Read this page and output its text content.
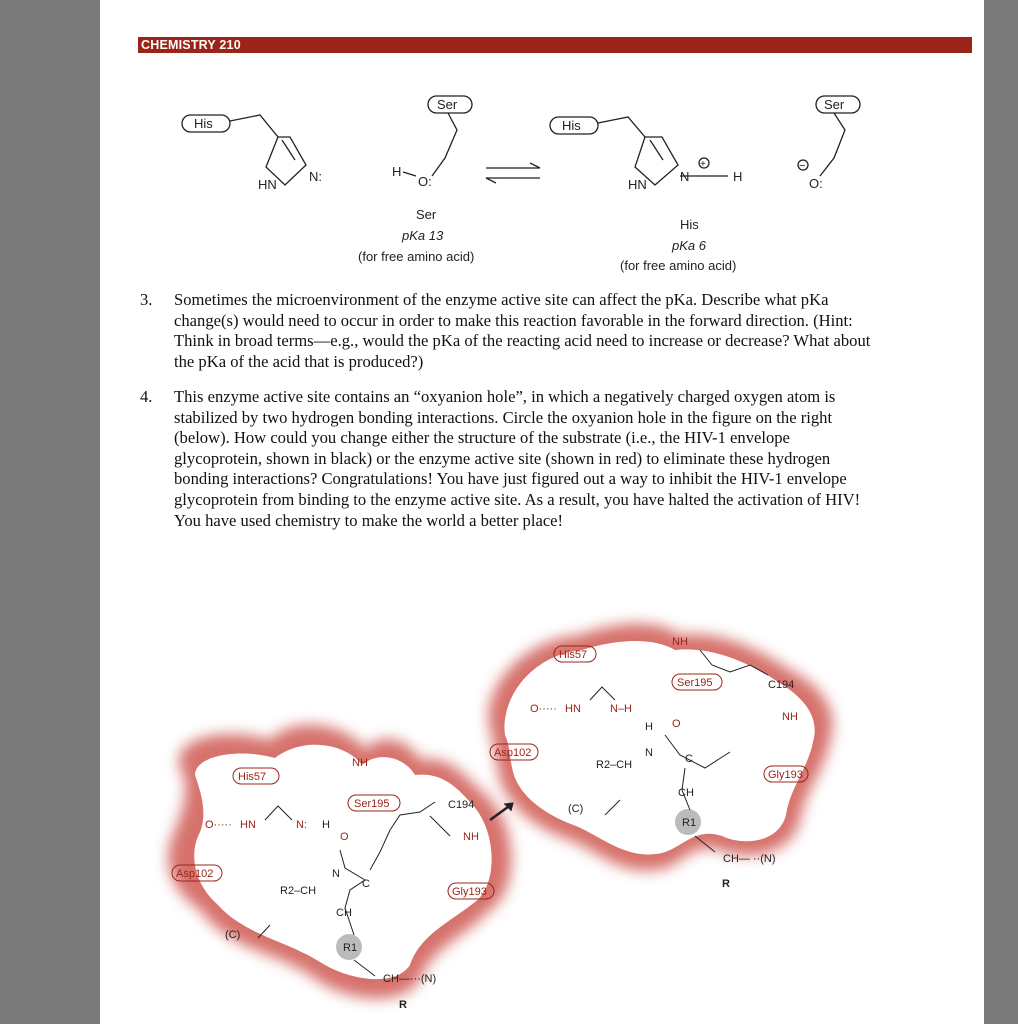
CHEMISTRY 210
His
Ser
HN
N:	H
O:
Ser
pKa 13
(for free amino acid)
His
Ser
HN
N	H
+	−
O:
His
pKa 6
(for free amino acid)
3. Sometimes the microenvironment of the enzyme active site can affect the pKa. Describe what pKa change(s) would need to occur in order to make this reaction favorable in the forward direction. (Hint: Think in broad terms—e.g., would the pKa of the reacting acid need to increase or decrease? What about the pKa of the acid that is produced?)
4. This enzyme active site contains an “oxyanion hole”, in which a negatively charged oxygen atom is stabilized by two hydrogen bonding interactions. Circle the oxyanion hole in the figure on the right (below). How could you change either the structure of the substrate (i.e., the HIV-1 envelope glycoprotein, shown in black) or the enzyme active site (shown in red) to eliminate these hydrogen bonding interactions? Congratulations! You have just figured out a way to inhibit the HIV-1 envelope glycoprotein from binding to the enzyme active site. As a result, you have halted the activation of HIV! You have used chemistry to make the world a better place!
His57
Ser195
Asp102
Gly193
NH
C194
NH
HN	N:
O·····	H
O
N
C
R2–CH
CH
R1
(C)
CH—···(N)
R
His57
Ser195
Asp102
Gly193
NH
C194
NH
O····· HN	N–H
H O
N	C
R2–CH
CH
R1
(C)
CH— ··(N)
R
